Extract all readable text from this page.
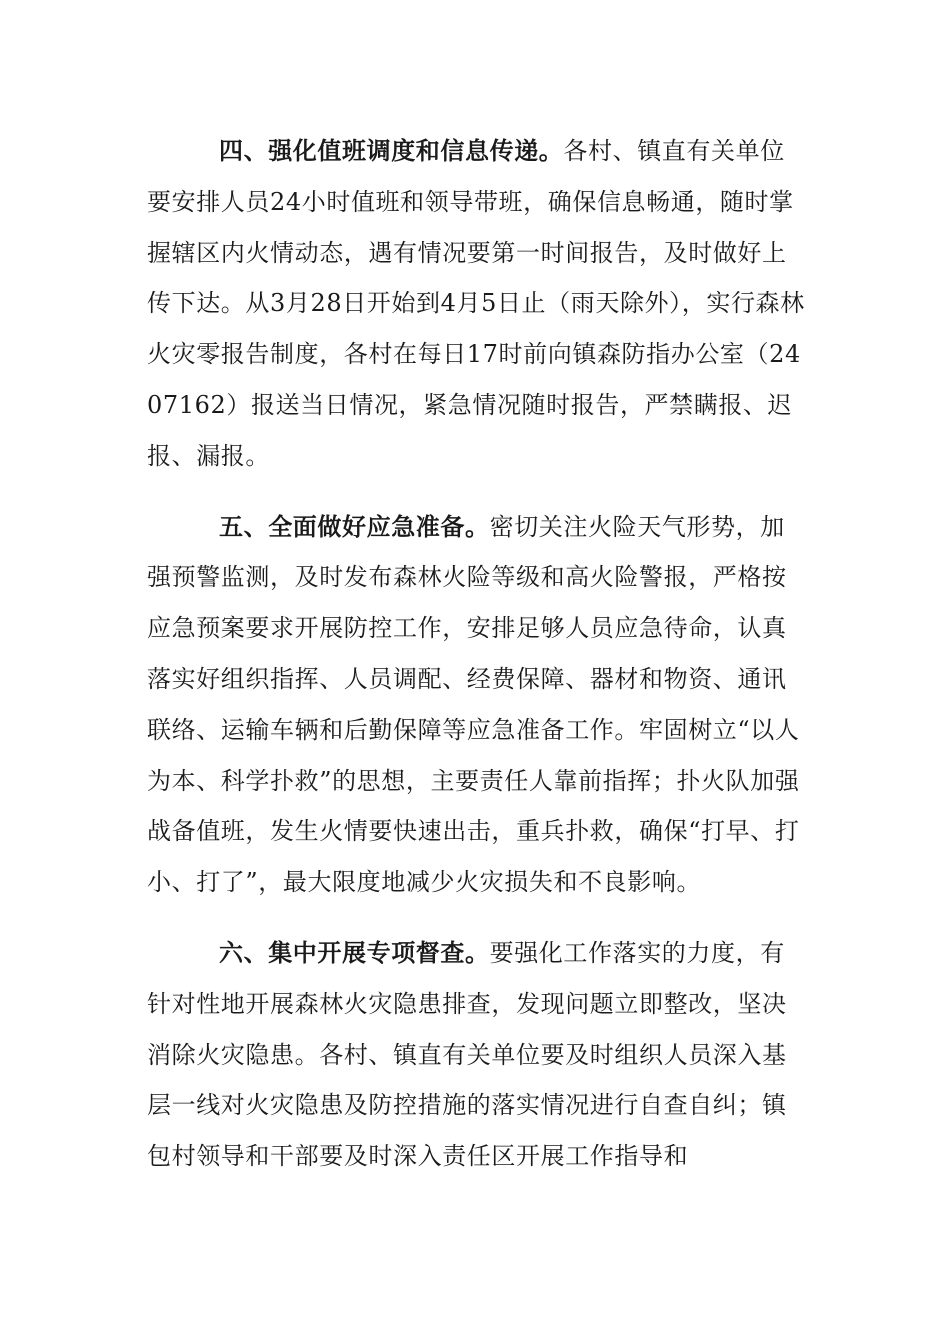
四、强化值班调度和信息传递。各村、镇直有关单位要安排人员24小时值班和领导带班，确保信息畅通，随时掌握辖区内火情动态，遇有情况要第一时间报告，及时做好上传下达。从3月28日开始到4月5日止（雨天除外），实行森林火灾零报告制度，各村在每日17时前向镇森防指办公室（2407162）报送当日情况，紧急情况随时报告，严禁瞒报、迟报、漏报。

五、全面做好应急准备。密切关注火险天气形势，加强预警监测，及时发布森林火险等级和高火险警报，严格按应急预案要求开展防控工作，安排足够人员应急待命，认真落实好组织指挥、人员调配、经费保障、器材和物资、通讯联络、运输车辆和后勤保障等应急准备工作。牢固树立“以人为本、科学扑救”的思想，主要责任人靠前指挥；扑火队加强战备值班，发生火情要快速出击，重兵扑救，确保“打早、打小、打了”，最大限度地减少火灾损失和不良影响。

六、集中开展专项督查。要强化工作落实的力度，有针对性地开展森林火灾隐患排查，发现问题立即整改，坚决消除火灾隐患。各村、镇直有关单位要及时组织人员深入基层一线对火灾隐患及防控措施的落实情况进行自查自纠；镇包村领导和干部要及时深入责任区开展工作指导和
